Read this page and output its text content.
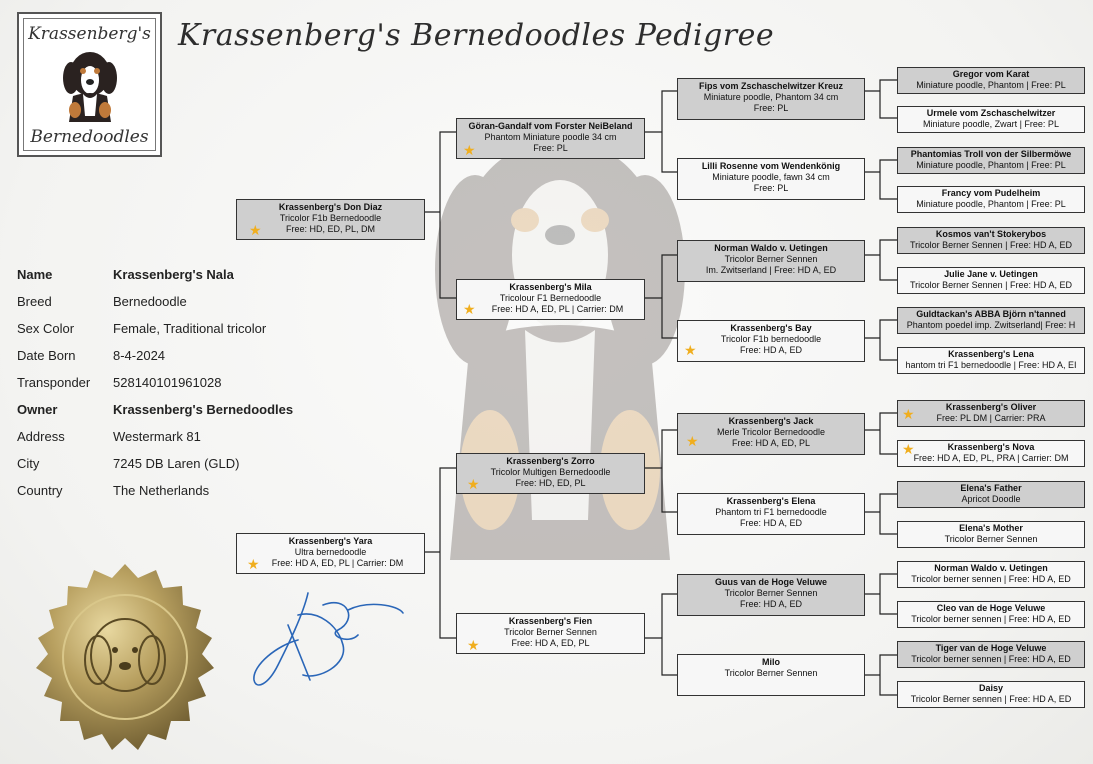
Krassenberg's
Bernedoodles
Krassenberg's Bernedoodles Pedigree
Name	Krassenberg's Nala
Breed	Bernedoodle
Sex Color	Female, Traditional tricolor
Date Born	8-4-2024
Transponder 528140101961028
Owner	Krassenberg's Bernedoodles
Address	Westermark 81
City	7245 DB Laren (GLD)
Country	The Netherlands
Krassenberg's Don Diaz
Tricolor F1b Bernedoodle
Free: HD, ED, PL, DM
★
Krassenberg's Yara
Ultra bernedoodle
Free: HD A, ED, PL | Carrier: DM
★
Göran-Gandalf vom Forster NeiBeland
Phantom Miniature poodle 34 cm
Free: PL
★
Krassenberg's Mila
Tricolour F1 Bernedoodle
Free: HD A, ED, PL | Carrier: DM
★
Krassenberg's Zorro
Tricolor Multigen Bernedoodle
Free: HD, ED, PL
★
Krassenberg's Fien
Tricolor Berner Sennen
Free: HD A, ED, PL
★
Fips vom Zschaschelwitzer Kreuz
Miniature poodle, Phantom 34 cm
Free: PL
Lilli Rosenne vom Wendenkönig
Miniature poodle, fawn 34 cm
Free: PL
Norman Waldo v. Uetingen
Tricolor Berner Sennen
Im. Zwitserland | Free: HD A, ED
Krassenberg's Bay
Tricolor F1b bernedoodle
Free: HD A, ED
★
Krassenberg's Jack
Merle Tricolor Bernedoodle
Free: HD A, ED, PL
★
Krassenberg's Elena
Phantom tri F1 bernedoodle
Free: HD A, ED
Guus van de Hoge Veluwe
Tricolor Berner Sennen
Free: HD A, ED
Milo
Tricolor Berner Sennen
Gregor vom Karat
Miniature poodle, Phantom | Free: PL
Urmele vom Zschaschelwitzer
Miniature poodle, Zwart | Free: PL
Phantomias Troll von der Silbermöwe
Miniature poodle, Phantom | Free: PL
Francy vom Pudelheim
Miniature poodle, Phantom | Free: PL
Kosmos van't Stokerybos
Tricolor Berner Sennen | Free: HD A, ED
Julie Jane v. Uetingen
Tricolor Berner Sennen | Free: HD A, ED
Guldtackan's ABBA Björn n'tanned
Phantom poedel imp. Zwitserland| Free: H
Krassenberg's Lena
hantom tri F1 bernedoodle | Free: HD A, EI
Krassenberg's Oliver
Free: PL DM | Carrier: PRA
★
Krassenberg's Nova
Free: HD A, ED, PL, PRA | Carrier: DM
★
Elena's Father
Apricot Doodle
Elena's Mother
Tricolor Berner Sennen
Norman Waldo v. Uetingen
Tricolor berner sennen | Free: HD A, ED
Cleo van de Hoge Veluwe
Tricolor berner sennen | Free: HD A, ED
Tiger van de Hoge Veluwe
Tricolor berner sennen | Free: HD A, ED
Daisy
Tricolor Berner sennen | Free: HD A, ED
